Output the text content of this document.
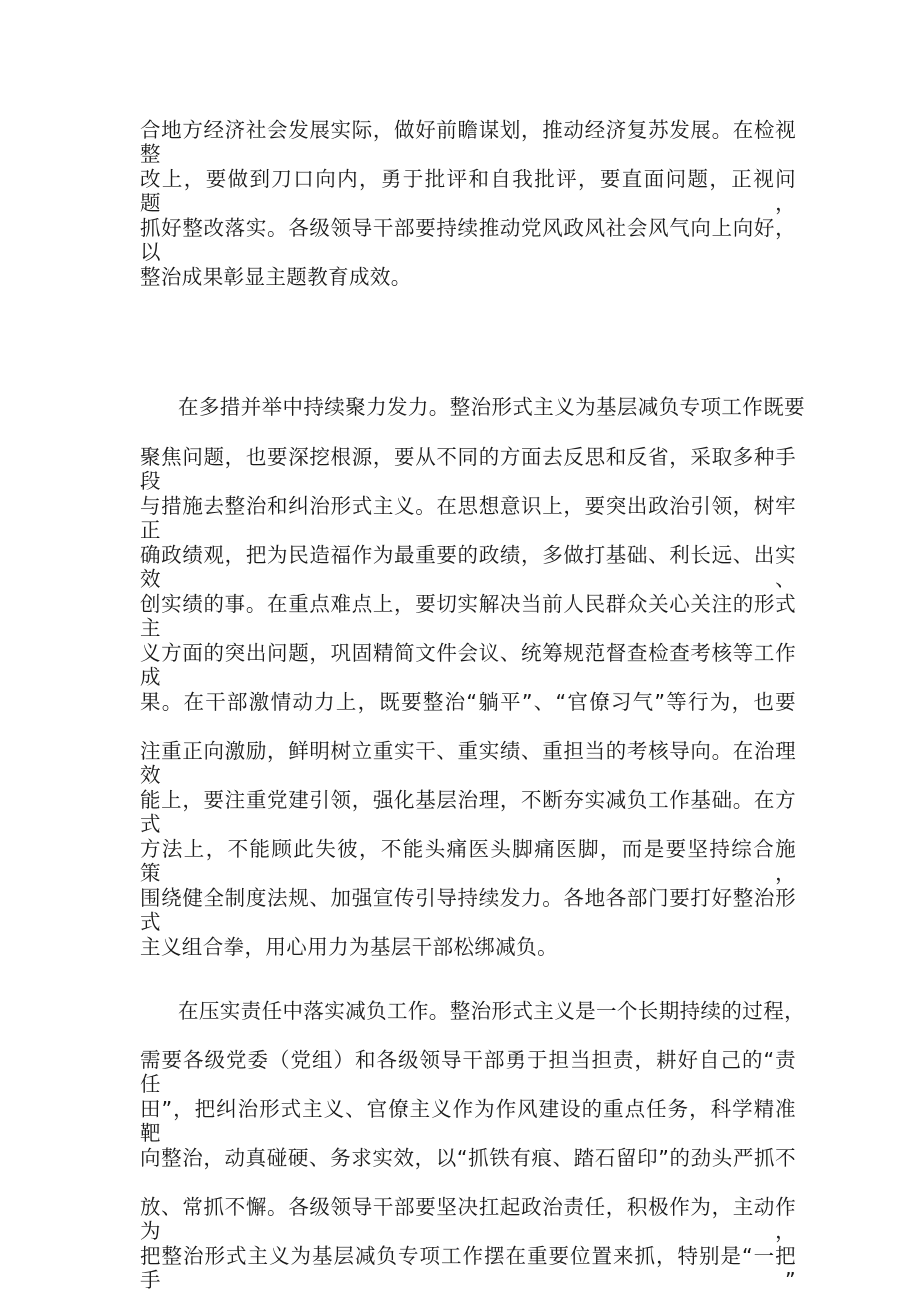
合地方经济社会发展实际，做好前瞻谋划，推动经济复苏发展。在检视整
改上，要做到刀口向内，勇于批评和自我批评，要直面问题，正视问题，
抓好整改落实。各级领导干部要持续推动党风政风社会风气向上向好，以
整治成果彰显主题教育成效。
在多措并举中持续聚力发力。整治形式主义为基层减负专项工作既要
聚焦问题，也要深挖根源，要从不同的方面去反思和反省，采取多种手段
与措施去整治和纠治形式主义。在思想意识上，要突出政治引领，树牢正
确政绩观，把为民造福作为最重要的政绩，多做打基础、利长远、出实效、
创实绩的事。在重点难点上，要切实解决当前人民群众关心关注的形式主
义方面的突出问题，巩固精简文件会议、统筹规范督查检查考核等工作成
果。在干部激情动力上，既要整治“躺平”、“官僚习气”等行为，也要
注重正向激励，鲜明树立重实干、重实绩、重担当的考核导向。在治理效
能上，要注重党建引领，强化基层治理，不断夯实减负工作基础。在方式
方法上，不能顾此失彼，不能头痛医头脚痛医脚，而是要坚持综合施策，
围绕健全制度法规、加强宣传引导持续发力。各地各部门要打好整治形式
主义组合拳，用心用力为基层干部松绑减负。
在压实责任中落实减负工作。整治形式主义是一个长期持续的过程，
需要各级党委（党组）和各级领导干部勇于担当担责，耕好自己的“责任
田”，把纠治形式主义、官僚主义作为作风建设的重点任务，科学精准靶
向整治，动真碰硬、务求实效，以“抓铁有痕、踏石留印”的劲头严抓不
放、常抓不懈。各级领导干部要坚决扛起政治责任，积极作为，主动作为，
把整治形式主义为基层减负专项工作摆在重要位置来抓，特别是“一把手”
